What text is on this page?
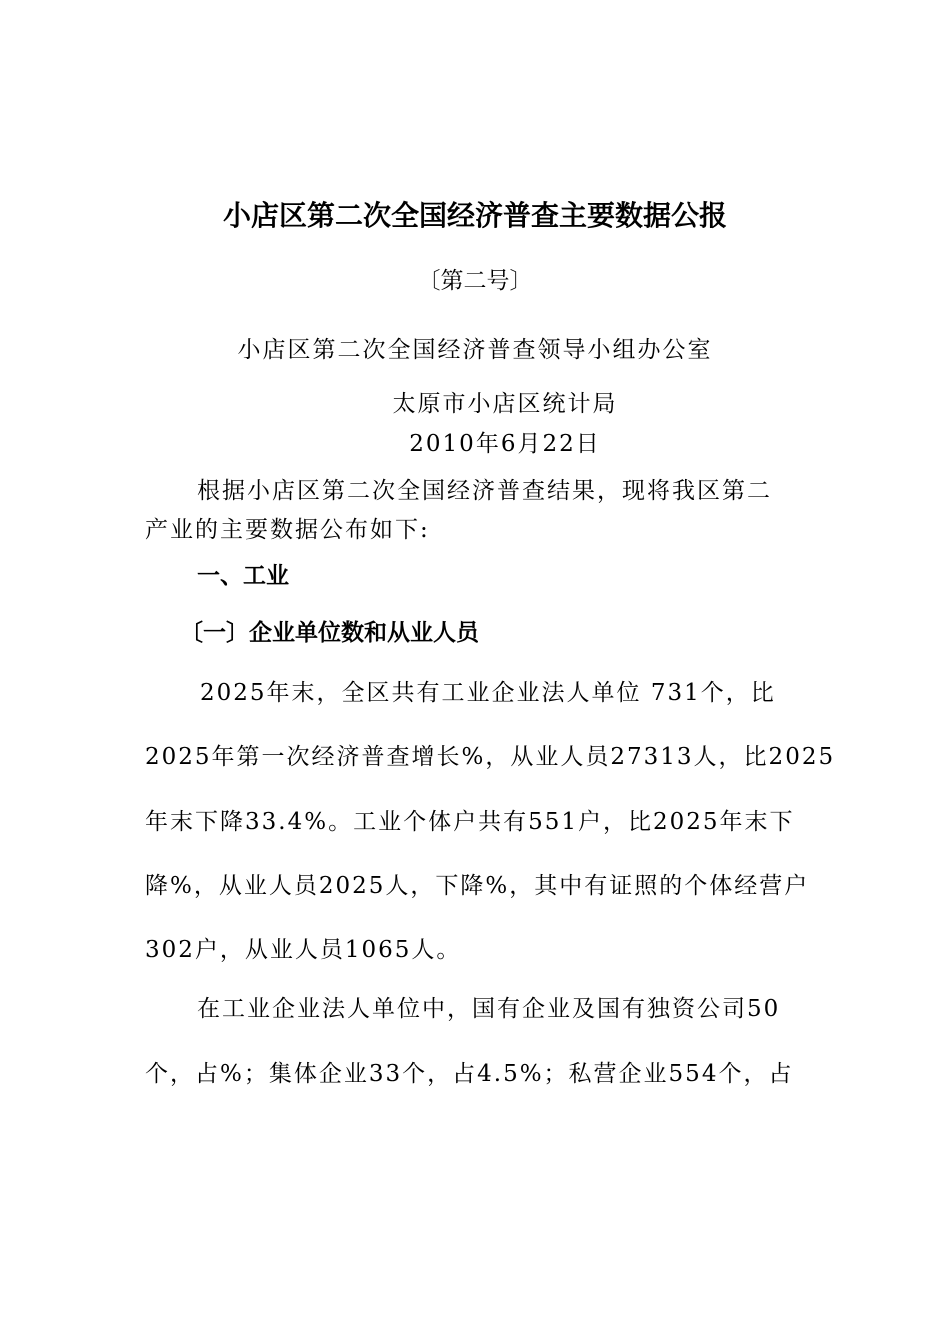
小店区第二次全国经济普查主要数据公报
〔第二号〕
小店区第二次全国经济普查领导小组办公室
太原市小店区统计局
2010年6月22日
根据小店区第二次全国经济普查结果，现将我区第二
产业的主要数据公布如下:
一、工业
〔一〕企业单位数和从业人员
2025年末，全区共有工业企业法人单位 731个，比
2025年第一次经济普查增长%，从业人员27313人，比2025
年末下降33.4%。工业个体户共有551户，比2025年末下
降%，从业人员2025人，下降%，其中有证照的个体经营户
302户，从业人员1065人。
在工业企业法人单位中，国有企业及国有独资公司50
个，占%；集体企业33个，占4.5%；私营企业554个，占
